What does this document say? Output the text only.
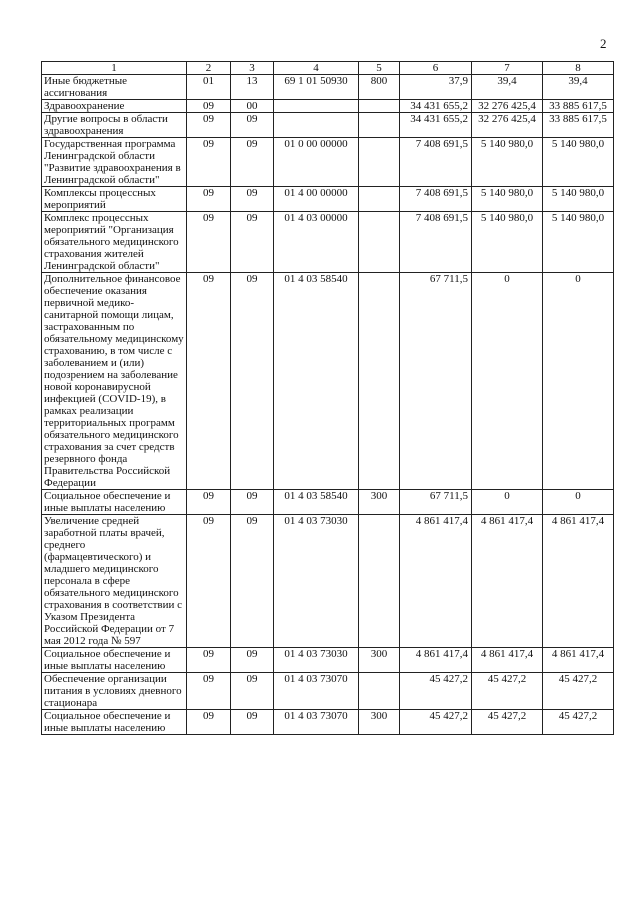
2
1	2	3	4	5	6	7	8
Иные бюджетные ассигнования	01	13	69 1 01 50930	800	37,9	39,4	39,4
Здравоохранение	09	00			34 431 655,2	32 276 425,4	33 885 617,5
Другие вопросы в области здравоохранения	09	09			34 431 655,2	32 276 425,4	33 885 617,5
Государственная программа Ленинградской области "Развитие здравоохранения в Ленинградской области"	09	09	01 0 00 00000		7 408 691,5	5 140 980,0	5 140 980,0
Комплексы процессных мероприятий	09	09	01 4 00 00000		7 408 691,5	5 140 980,0	5 140 980,0
Комплекс процессных мероприятий "Организация обязательного медицинского страхования жителей Ленинградской области"	09	09	01 4 03 00000		7 408 691,5	5 140 980,0	5 140 980,0
Дополнительное финансовое обеспечение оказания первичной медико-санитарной помощи лицам, застрахованным по обязательному медицинскому страхованию, в том числе с заболеванием и (или) подозрением на заболевание новой коронавирусной инфекцией (COVID-19), в рамках реализации территориальных программ обязательного медицинского страхования за счет средств резервного фонда Правительства Российской Федерации	09	09	01 4 03 58540		67 711,5	0	0
Социальное обеспечение и иные выплаты населению	09	09	01 4 03 58540	300	67 711,5	0	0
Увеличение средней заработной платы врачей, среднего (фармацевтического) и младшего медицинского персонала в сфере обязательного медицинского страхования в соответствии с Указом Президента Российской Федерации от 7 мая 2012 года № 597	09	09	01 4 03 73030		4 861 417,4	4 861 417,4	4 861 417,4
Социальное обеспечение и иные выплаты населению	09	09	01 4 03 73030	300	4 861 417,4	4 861 417,4	4 861 417,4
Обеспечение организации питания в условиях дневного стационара	09	09	01 4 03 73070		45 427,2	45 427,2	45 427,2
Социальное обеспечение и иные выплаты населению	09	09	01 4 03 73070	300	45 427,2	45 427,2	45 427,2
